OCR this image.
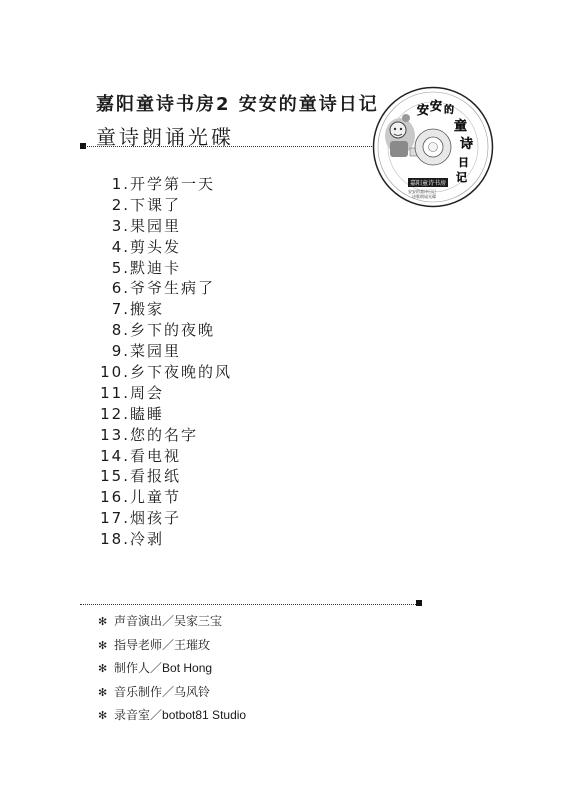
嘉阳童诗书房2 安安的童诗日记
童诗朗诵光碟
安 安 的
童
诗
日
记
嘉阳童诗书房
安安的童诗日记
诗歌朗诵光碟
1.开学第一天
2.下课了
3.果园里
4.剪头发
5.默迪卡
6.爷爷生病了
7.搬家
8.乡下的夜晚
9.菜园里
10.乡下夜晚的风
11.周会
12.瞌睡
13.您的名字
14.看电视
15.看报纸
16.儿童节
17.烟孩子
18.冷剥
✻ 声音演出／吴家三宝
✻ 指导老师／王璀玫
✻ 制作人／Bot Hong
✻ 音乐制作／乌风铃
✻ 录音室／botbot81 Studio
